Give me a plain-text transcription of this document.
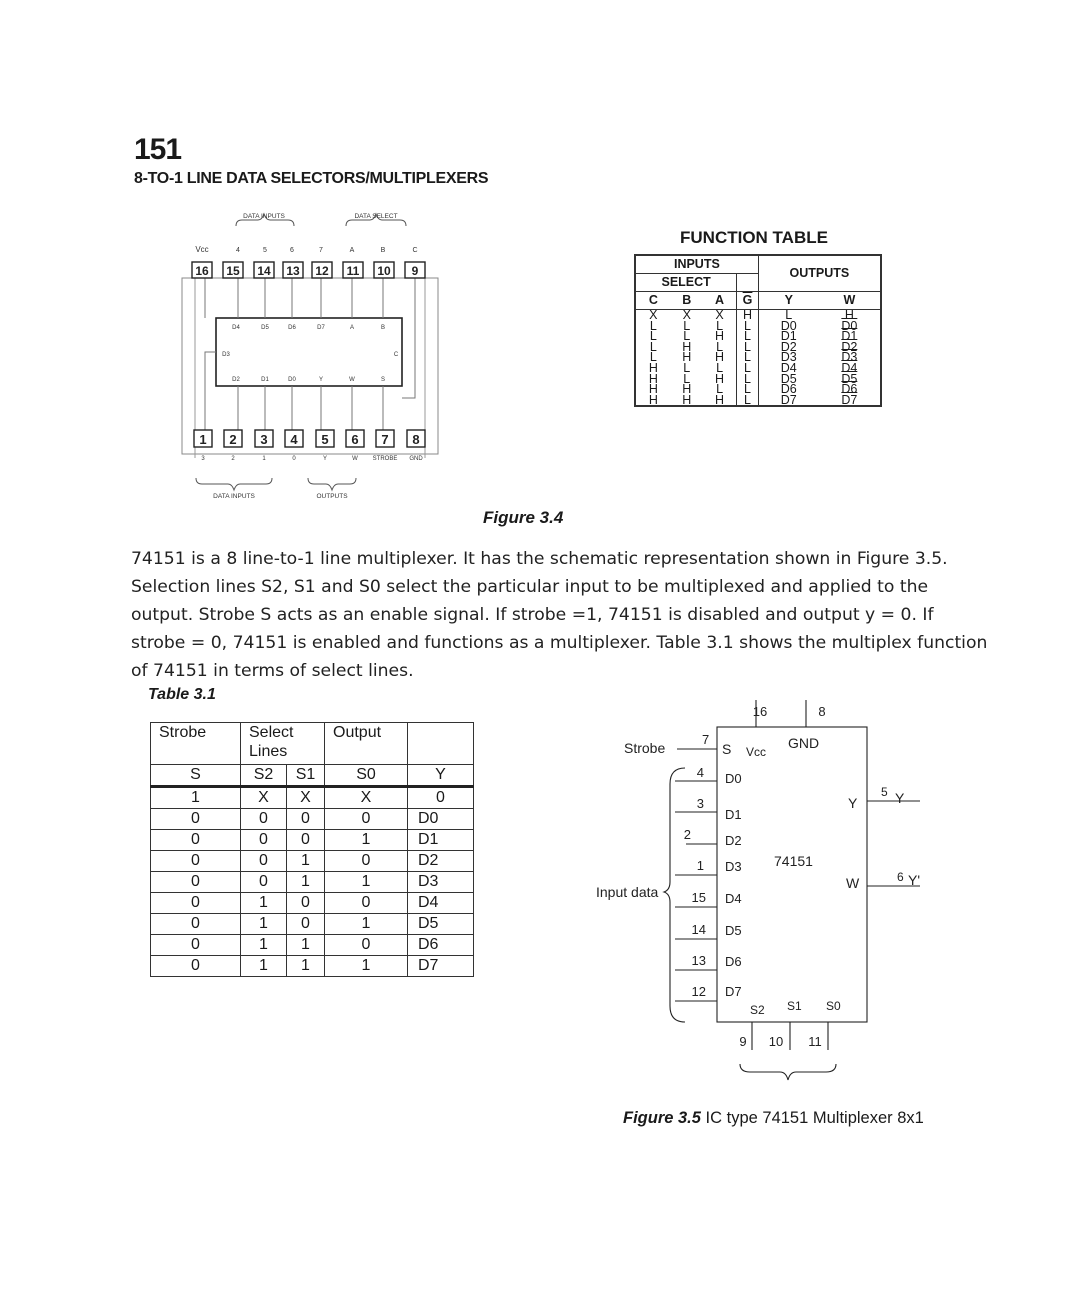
151
8-TO-1 LINE DATA SELECTORS/MULTIPLEXERS
DATA INPUTS	DATA SELECT
DATA INPUTS	OUTPUTS
Vcc	4	5	6	7	A	B	C
16 15 14 13 12 11 10 9
D4	D5	D6	D7	A	B
D3	C
D2	D1	D0	Y	W	S
1 2 3 4 5 6 7 8
3	2	1	0	Y	W STROBE GND
FUNCTION TABLE
INPUTS				OUTPUTS	
SELECT					
C	B	A	$\overline{G}$	Y	W
X	X	X	H	L	H
L	L	L	L	D0	D0
L	L	H	L	D1	D1
L	H	L	L	D2	D2
L	H	H	L	D3	D3
H	L	L	L	D4	D4
H	L	H	L	D5	D5
H	H	L	L	D6	D6
H	H	H	L	D7	D7
Figure 3.4
74151 is a 8 line-to-1 line multiplexer. It has the schematic representation shown in Figure 3.5. Selection lines S2, S1 and S0 select the particular input to be multiplexed and applied to the output. Strobe S acts as an enable signal. If strobe =1, 74151 is disabled and output y = 0. If strobe = 0, 74151 is enabled and functions as a multiplexer. Table 3.1 shows the multiplex function of 74151 in terms of select lines.
Table 3.1
Strobe	Select Lines		Output	
S	S2	S1	S0	Y
1	X	X	X	0
0	0	0	0	D0
0	0	0	1	D1
0	0	1	0	D2
0	0	1	1	D3
0	1	0	0	D4
0	1	0	1	D5
0	1	1	0	D6
0	1	1	1	D7
16	8
Vcc
GND
S
Strobe
7
Input data
4
3
2
1
15
14
13
12
D0
D1
D2
D3
D4
D5
D6
D7
74151
Y
5 Y
W	6 Y'
S2 S1 S0
9 10 11
Figure 3.5 IC type 74151 Multiplexer 8x1
